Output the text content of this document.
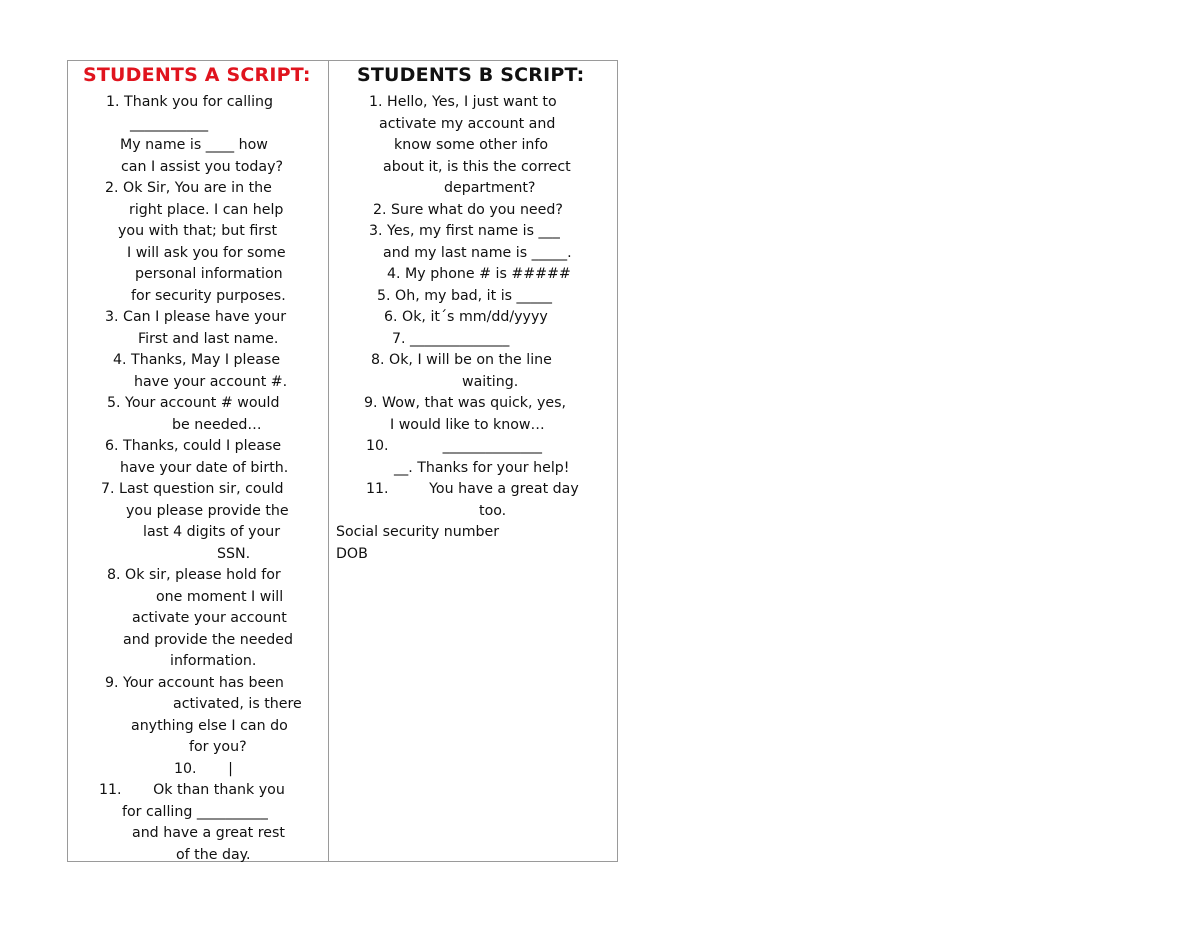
STUDENTS A SCRIPT:
1. Thank you for calling
___________
My name is ____ how
can I assist you today?
2. Ok Sir, You are in the
right place. I can help
you with that; but first
I will ask you for some
personal information
for security purposes.
3. Can I please have your
First and last name.
4. Thanks, May I please
have your account #.
5. Your account # would
be needed…
6. Thanks, could I please
have your date of birth.
7. Last question sir, could
you please provide the
last 4 digits of your
SSN.
8. Ok sir, please hold for
one moment I will
activate your account
and provide the needed
information.
9. Your account has been
activated, is there
anything else I can do
for you?
10.       |
11.       Ok than thank you
for calling __________
and have a great rest
of the day.
STUDENTS B SCRIPT:
1. Hello, Yes, I just want to
activate my account and
know some other info
about it, is this the correct
department?
2. Sure what do you need?
3. Yes, my first name is ___
and my last name is _____.
4. My phone # is #####
5. Oh, my bad, it is _____
6. Ok, it´s mm/dd/yyyy
7. ______________
8. Ok, I will be on the line
waiting.
9. Wow, that was quick, yes,
I would like to know…
10.            ______________
__. Thanks for your help!
11.         You have a great day
too.
Social security number
DOB
